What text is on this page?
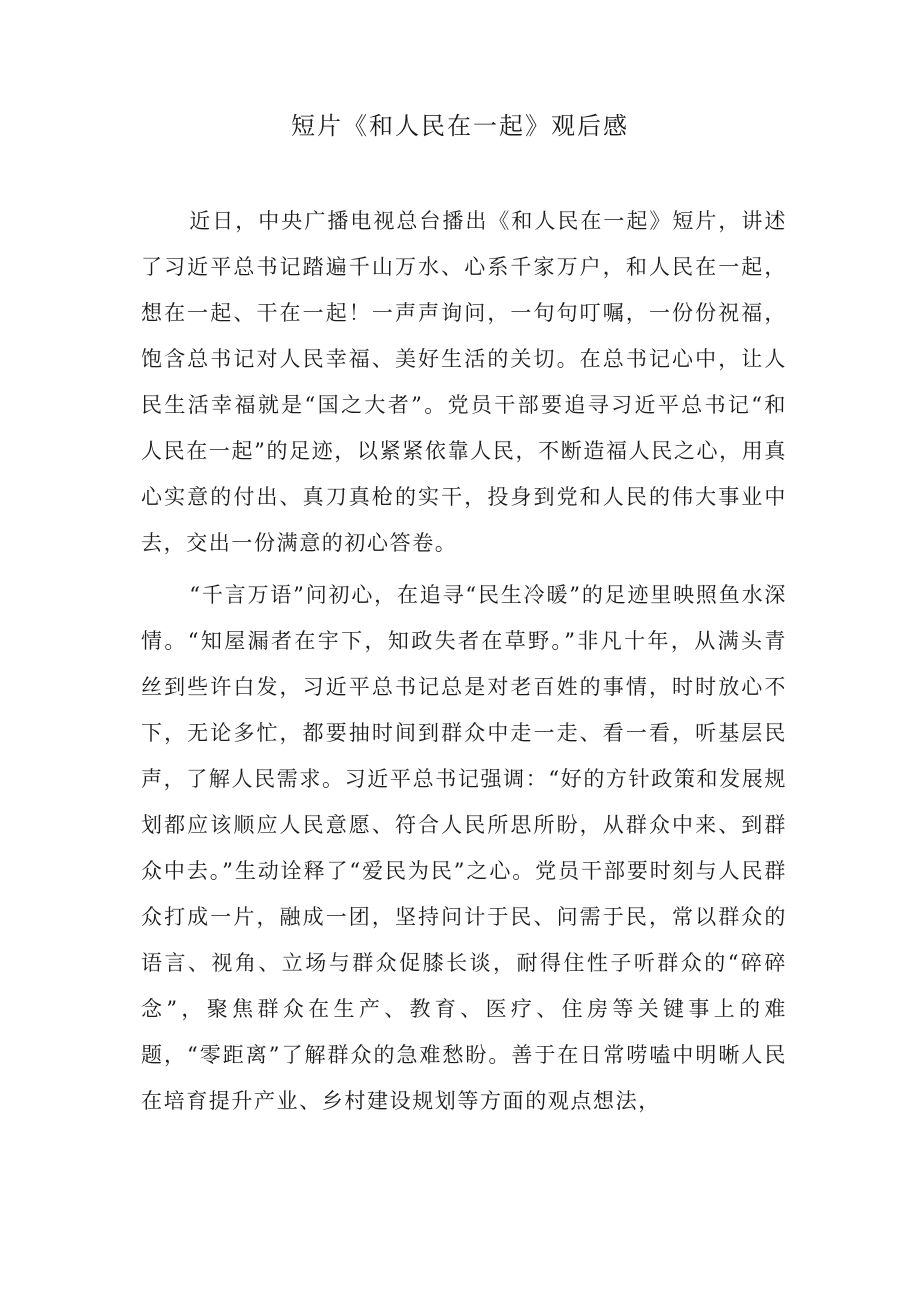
短片《和人民在一起》观后感

近日，中央广播电视总台播出《和人民在一起》短片，讲述了习近平总书记踏遍千山万水、心系千家万户，和人民在一起，想在一起、干在一起！一声声询问，一句句叮嘱，一份份祝福，饱含总书记对人民幸福、美好生活的关切。在总书记心中，让人民生活幸福就是“国之大者”。党员干部要追寻习近平总书记“和人民在一起”的足迹，以紧紧依靠人民，不断造福人民之心，用真心实意的付出、真刀真枪的实干，投身到党和人民的伟大事业中去，交出一份满意的初心答卷。

“千言万语”问初心，在追寻“民生冷暖”的足迹里映照鱼水深情。“知屋漏者在宇下，知政失者在草野。”非凡十年，从满头青丝到些许白发，习近平总书记总是对老百姓的事情，时时放心不下，无论多忙，都要抽时间到群众中走一走、看一看，听基层民声，了解人民需求。习近平总书记强调：“好的方针政策和发展规划都应该顺应人民意愿、符合人民所思所盼，从群众中来、到群众中去。”生动诠释了“爱民为民”之心。党员干部要时刻与人民群众打成一片，融成一团，坚持问计于民、问需于民，常以群众的语言、视角、立场与群众促膝长谈，耐得住性子听群众的“碎碎念”，聚焦群众在生产、教育、医疗、住房等关键事上的难题，“零距离”了解群众的急难愁盼。善于在日常唠嗑中明晰人民在培育提升产业、乡村建设规划等方面的观点想法，
